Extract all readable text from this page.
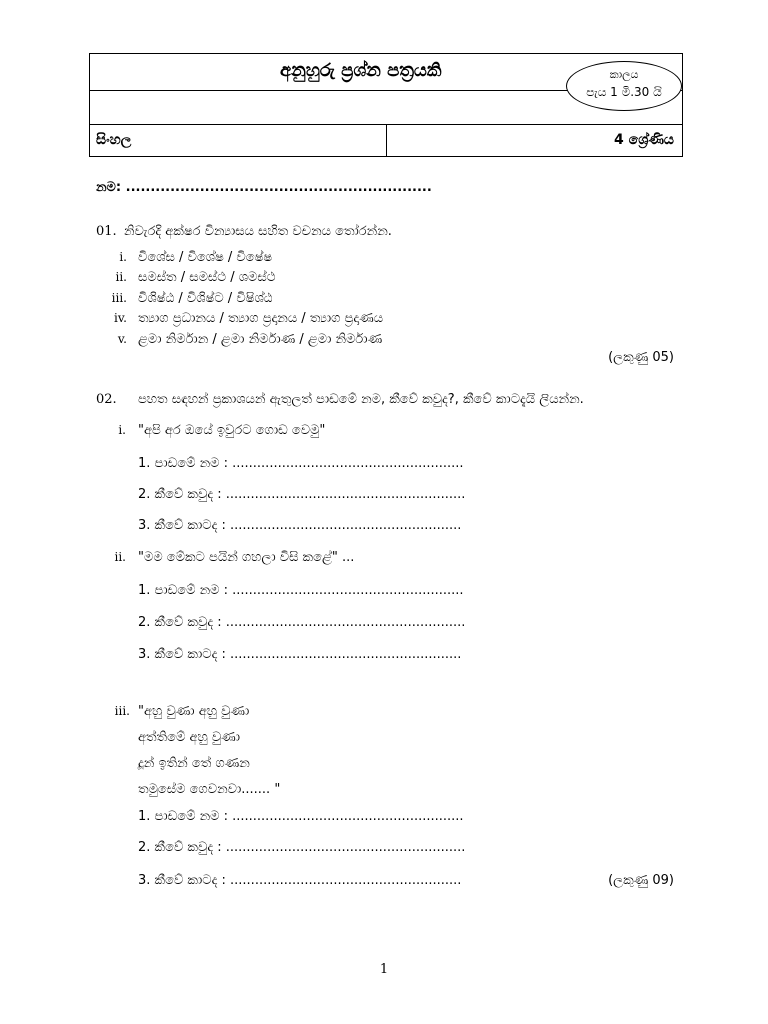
අනුහුරු ප්‍රශ්න පත්‍රයකි
සිංහල	4 ශ්‍රේණිය
කාලය
පැය 1 මි.30 යි
නම: ..............................................................
01. නිවැරදි අක්ෂර වින්‍යාසය සහිත වචනය තෝරන්න.
i. විශේස / විශේෂ / විෂේෂ
ii. සමස්ත / සමස්ථ / ශමස්ථ
iii. විශිෂ්ඨ / විශිෂ්ට / විෂිශ්ඨ
iv. ත්‍යාග ප්‍රධානය / ත්‍යාග ප්‍රදානය / ත්‍යාග ප්‍රදාණය
v. ළමා නිර්මාන / ළමා නිර්මාණ / ළමා නිර්මාණ
(ලකුණු 05)
02. පහත සඳහන් ප්‍රකාශයන් ඇතුලත් පාඩමේ නම, කීවේ කවුද?, කීවේ කාටදැයි ලියන්න.
i. "අපි අර ඔයේ ඉවුරට ගොඩ වෙමු"
1. පාඩමේ නම : ........................................................
2. කීවේ කවුද : ..........................................................
3. කීවේ කාටද : ........................................................
ii. "මම මේකට පයින් ගහලා විසි කළේ" ...
1. පාඩමේ නම : ........................................................
2. කීවේ කවුද : ..........................................................
3. කීවේ කාටද : ........................................................
iii. "අහු වුණා අහු වුණා
අත්තිමේ අහු වුණා
දූන් ඉතින් තේ ගණන
තමුසේම ගෙවනවා....... "
1. පාඩමේ නම : ........................................................
2. කීවේ කවුද : ..........................................................
3. කීවේ කාටද : ........................................................	(ලකුණු 09)
1
